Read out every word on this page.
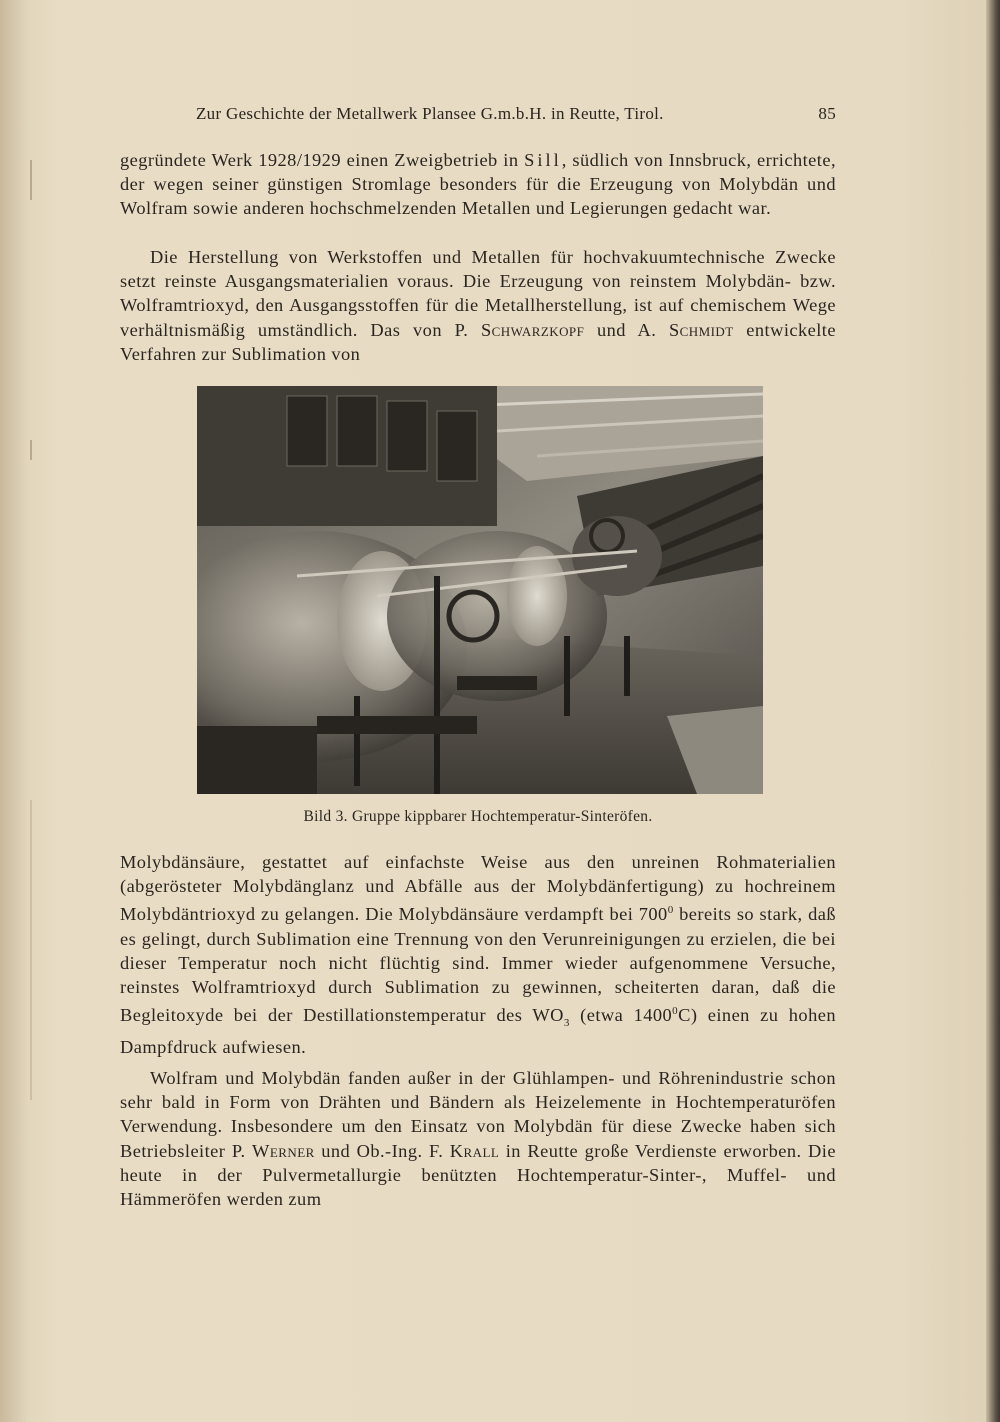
Zur Geschichte der Metallwerk Plansee G.m.b.H. in Reutte, Tirol.	85

gegründete Werk 1928/1929 einen Zweigbetrieb in Sill, südlich von Innsbruck, errichtete, der wegen seiner günstigen Stromlage besonders für die Erzeugung von Molybdän und Wolfram sowie anderen hochschmelzenden Metallen und Legierungen gedacht war.

Die Herstellung von Werkstoffen und Metallen für hochvakuumtechnische Zwecke setzt reinste Ausgangsmaterialien voraus. Die Erzeugung von reinstem Molybdän- bzw. Wolframtrioxyd, den Ausgangsstoffen für die Metallherstellung, ist auf chemischem Wege verhältnismäßig umständlich. Das von P. Schwarzkopf und A. Schmidt entwickelte Verfahren zur Sublimation von

Bild 3. Gruppe kippbarer Hochtemperatur-Sinteröfen.

Molybdänsäure, gestattet auf einfachste Weise aus den unreinen Rohmaterialien (abgerösteter Molybdänglanz und Abfälle aus der Molybdänfertigung) zu hochreinem Molybdäntrioxyd zu gelangen. Die Molybdänsäure verdampft bei $700^0$ bereits so stark, daß es gelingt, durch Sublimation eine Trennung von den Verunreinigungen zu erzielen, die bei dieser Temperatur noch nicht flüchtig sind. Immer wieder aufgenommene Versuche, reinstes Wolframtrioxyd durch Sublimation zu gewinnen, scheiterten daran, daß die Begleitoxyde bei der Destillationstemperatur des $WO_3$ (etwa 1400$^0$C) einen zu hohen Dampfdruck aufwiesen.

Wolfram und Molybdän fanden außer in der Glühlampen- und Röhrenindustrie schon sehr bald in Form von Drähten und Bändern als Heizelemente in Hochtemperaturöfen Verwendung. Insbesondere um den Einsatz von Molybdän für diese Zwecke haben sich Betriebsleiter P. Werner und Ob.-Ing. F. Krall in Reutte große Verdienste erworben. Die heute in der Pulvermetallurgie benützten Hochtemperatur-Sinter-, Muffel- und Hämmeröfen werden zum
